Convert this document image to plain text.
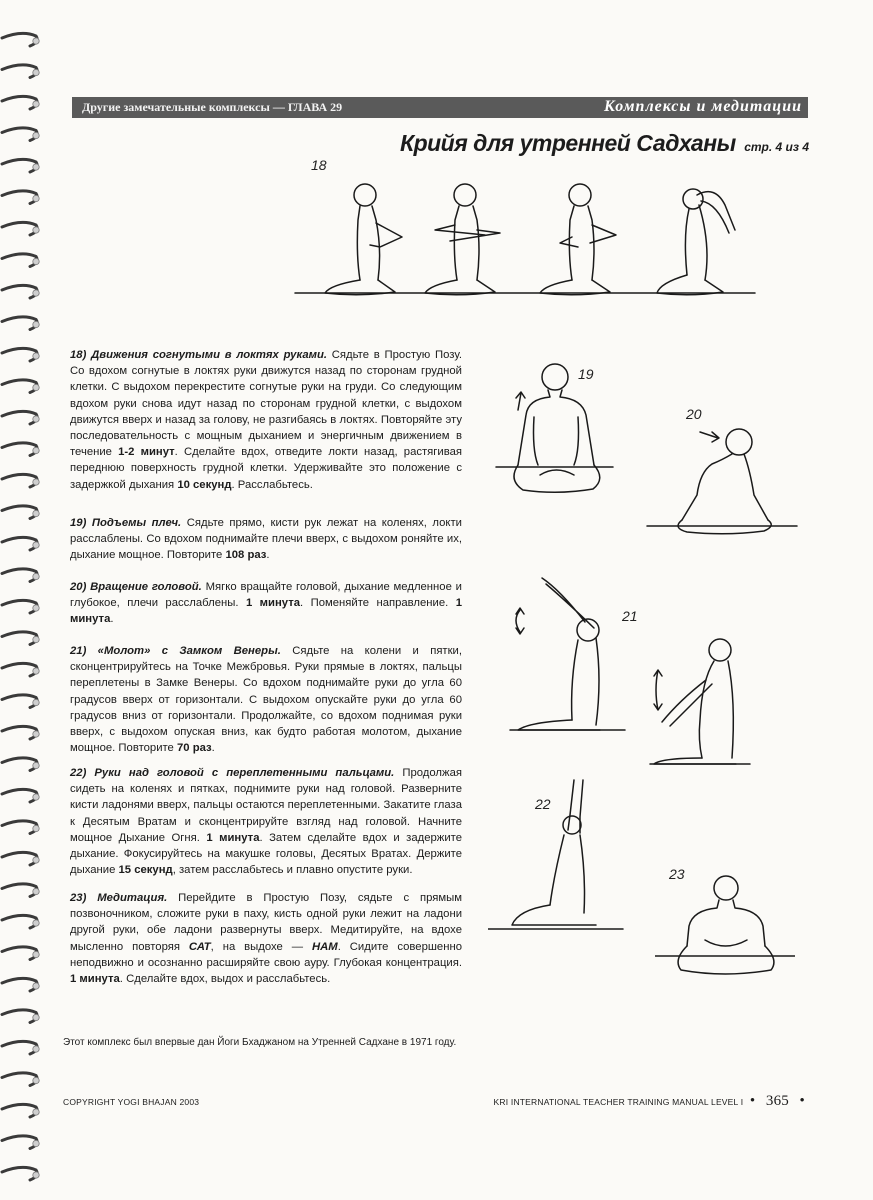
Другие замечательные комплексы — ГЛАВА 29	Комплексы и медитации
Крийя для утренней Садханы стр. 4 из 4
18
19
20
21
22
23

18) Движения согнутыми в локтях руками. Сядьте в Простую Позу. Со вдохом согнутые в локтях руки движутся назад по сторонам грудной клетки. С выдохом перекрестите согнутые руки на груди. Со следующим вдохом руки снова идут назад по сторонам грудной клетки, с выдохом движутся вверх и назад за голову, не разгибаясь в локтях. Повторяйте эту последовательность с мощным дыханием и энергичным движением в течение 1-2 минут. Сделайте вдох, отведите локти назад, растягивая переднюю поверхность грудной клетки. Удерживайте это положение с задержкой дыхания 10 секунд. Расслабьтесь.

19) Подъемы плеч. Сядьте прямо, кисти рук лежат на коленях, локти расслаблены. Со вдохом поднимайте плечи вверх, с выдохом роняйте их, дыхание мощное. Повторите 108 раз.

20) Вращение головой. Мягко вращайте головой, дыхание медленное и глубокое, плечи расслаблены. 1 минута. Поменяйте направление. 1 минута.

21) «Молот» с Замком Венеры. Сядьте на колени и пятки, сконцентрируйтесь на Точке Межбровья. Руки прямые в локтях, пальцы переплетены в Замке Венеры. Со вдохом поднимайте руки до угла 60 градусов вверх от горизонтали. С выдохом опускайте руки до угла 60 градусов вниз от горизонтали. Продолжайте, со вдохом поднимая руки вверх, с выдохом опуская вниз, как будто работая молотом, дыхание мощное. Повторите 70 раз.

22) Руки над головой с переплетенными пальцами. Продолжая сидеть на коленях и пятках, поднимите руки над головой. Разверните кисти ладонями вверх, пальцы остаются переплетенными. Закатите глаза к Десятым Вратам и сконцентрируйте взгляд над головой. Начните мощное Дыхание Огня. 1 минута. Затем сделайте вдох и задержите дыхание. Фокусируйтесь на макушке головы, Десятых Вратах. Держите дыхание 15 секунд, затем расслабьтесь и плавно опустите руки.

23) Медитация. Перейдите в Простую Позу, сядьте с прямым позвоночником, сложите руки в паху, кисть одной руки лежит на ладони другой руки, обе ладони развернуты вверх. Медитируйте, на вдохе мысленно повторяя САТ, на выдохе — НАМ. Сидите совершенно неподвижно и осознанно расширяйте свою ауру. Глубокая концентрация. 1 минута. Сделайте вдох, выдох и расслабьтесь.

Этот комплекс был впервые дан Йоги Бхаджаном на Утренней Садхане в 1971 году.
COPYRIGHT YOGI BHAJAN 2003	KRI INTERNATIONAL TEACHER TRAINING MANUAL LEVEL I • 365 •
